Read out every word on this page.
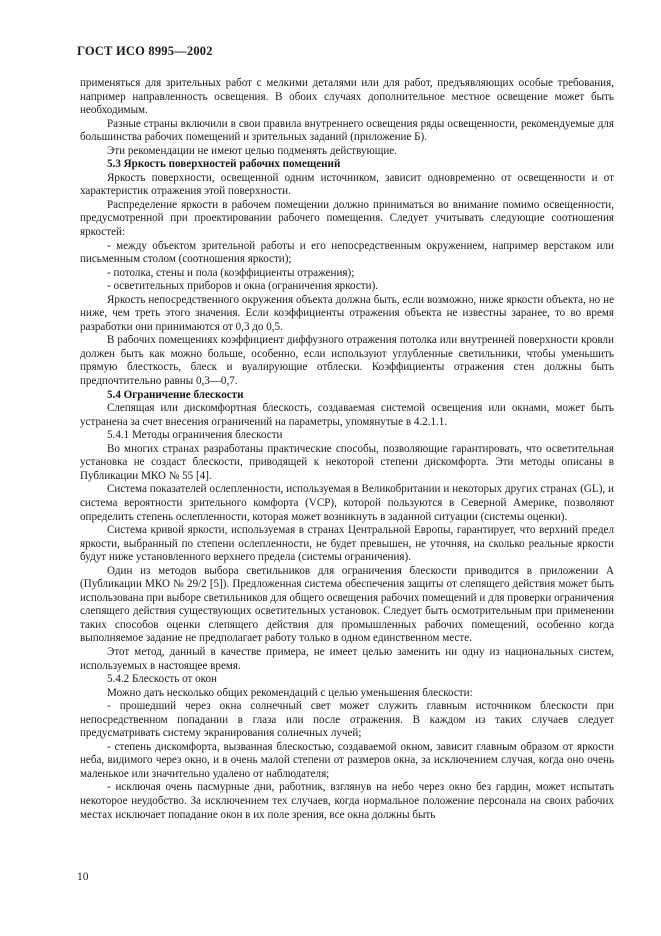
ГОСТ ИСО 8995—2002

применяться для зрительных работ с мелкими деталями или для работ, предъявляющих особые требования, например направленность освещения. В обоих случаях дополнительное местное освещение может быть необходимым.

Разные страны включили в свои правила внутреннего освещения ряды освещенности, рекомендуемые для большинства рабочих помещений и зрительных заданий (приложение Б).

Эти рекомендации не имеют целью подменять действующие.

5.3 Яркость поверхностей рабочих помещений

Яркость поверхности, освещенной одним источником, зависит одновременно от освещенности и от характеристик отражения этой поверхности.

Распределение яркости в рабочем помещении должно приниматься во внимание помимо освещенности, предусмотренной при проектировании рабочего помещения. Следует учитывать следующие соотношения яркостей:

- между объектом зрительной работы и его непосредственным окружением, например верстаком или письменным столом (соотношения яркости);

- потолка, стены и пола (коэффициенты отражения);

- осветительных приборов и окна (ограничения яркости).

Яркость непосредственного окружения объекта должна быть, если возможно, ниже яркости объекта, но не ниже, чем треть этого значения. Если коэффициенты отражения объекта не известны заранее, то во время разработки они принимаются от 0,3 до 0,5.

В рабочих помещениях коэффициент диффузного отражения потолка или внутренней поверхности кровли должен быть как можно больше, особенно, если используют углубленные светильники, чтобы уменьшить прямую блесткость, блеск и вуалирующие отблески. Коэффициенты отражения стен должны быть предпочтительно равны 0,3—0,7.

5.4 Ограничение блескости

Слепящая или дискомфортная блескость, создаваемая системой освещения или окнами, может быть устранена за счет внесения ограничений на параметры, упомянутые в 4.2.1.1.

5.4.1 Методы ограничения блескости

Во многих странах разработаны практические способы, позволяющие гарантировать, что осветительная установка не создаст блескости, приводящей к некоторой степени дискомфорта. Эти методы описаны в Публикации МКО № 55 [4].

Система показателей ослепленности, используемая в Великобритании и некоторых других странах (GL), и система вероятности зрительного комфорта (VCP), которой пользуются в Северной Америке, позволяют определить степень ослепленности, которая может возникнуть в заданной ситуации (системы оценки).

Система кривой яркости, используемая в странах Центральной Европы, гарантирует, что верхний предел яркости, выбранный по степени ослепленности, не будет превышен, не уточняя, на сколько реальные яркости будут ниже установленного верхнего предела (системы ограничения).

Один из методов выбора светильников для ограничения блескости приводится в приложении А (Публикации МКО № 29/2 [5]). Предложенная система обеспечения защиты от слепящего действия может быть использована при выборе светильников для общего освещения рабочих помещений и для проверки ограничения слепящего действия существующих осветительных установок. Следует быть осмотрительным при применении таких способов оценки слепящего действия для промышленных рабочих помещений, особенно когда выполняемое задание не предполагает работу только в одном единственном месте.

Этот метод, данный в качестве примера, не имеет целью заменить ни одну из национальных систем, используемых в настоящее время.

5.4.2 Блескость от окон

Можно дать несколько общих рекомендаций с целью уменьшения блескости:

- прошедший через окна солнечный свет может служить главным источником блескости при непосредственном попадании в глаза или после отражения. В каждом из таких случаев следует предусматривать систему экранирования солнечных лучей;

- степень дискомфорта, вызванная блескостью, создаваемой окном, зависит главным образом от яркости неба, видимого через окно, и в очень малой степени от размеров окна, за исключением случая, когда оно очень маленькое или значительно удалено от наблюдателя;

- исключая очень пасмурные дни, работник, взглянув на небо через окно без гардин, может испытать некоторое неудобство. За исключением тех случаев, когда нормальное положение персонала на своих рабочих местах исключает попадание окон в их поле зрения, все окна должны быть

10
